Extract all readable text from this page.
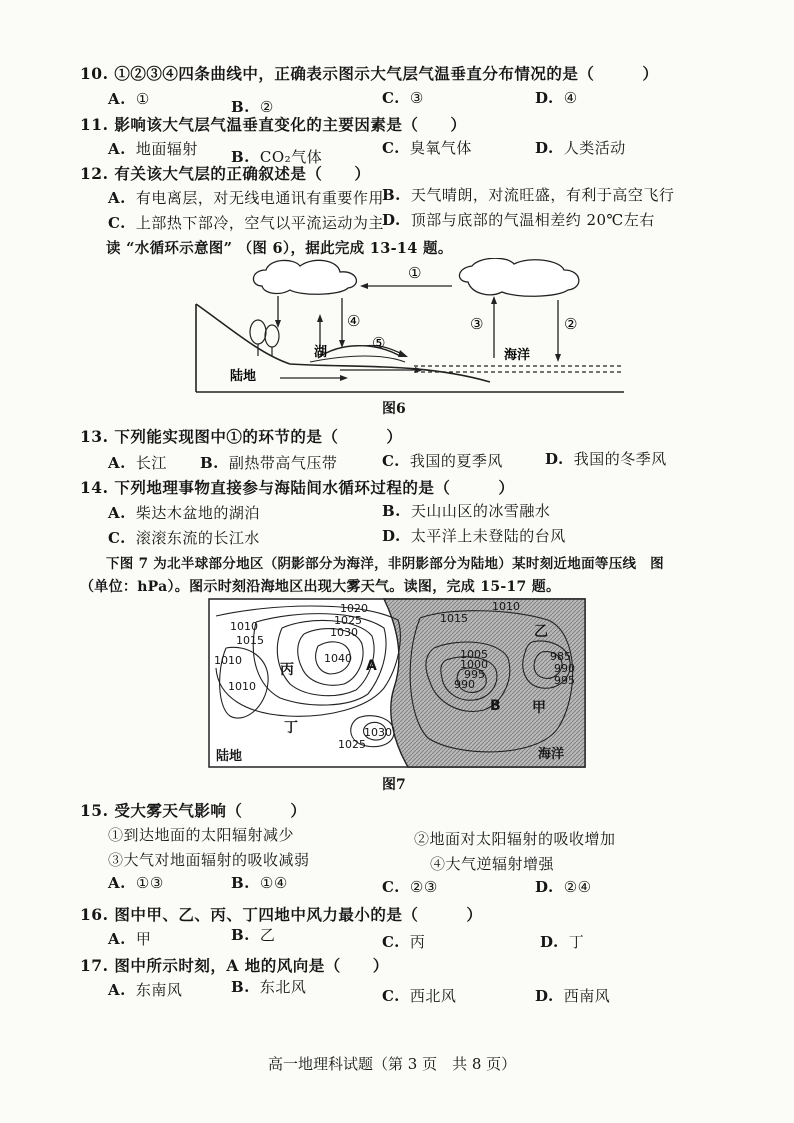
10. ①②③④四条曲线中，正确表示图示大气层气温垂直分布情况的是（　　　）
A. ①	B. ②	C. ③	D. ④
11. 影响该大气层气温垂直变化的主要因素是（　　）
A. 地面辐射 B. CO₂气体	C. 臭氧气体	D. 人类活动
12. 有关该大气层的正确叙述是（　　）
A. 有电离层，对无线电通讯有重要作用
B. 天气晴朗，对流旺盛，有利于高空飞行
C. 上部热下部冷，空气以平流运动为主
D. 顶部与底部的气温相差约 20℃左右
读 “水循环示意图” （图 6），据此完成 13-14 题。
①
②
③
④
⑤
湖	海洋
陆地
图6
13. 下列能实现图中①的环节的是（　　　）
A. 长江 B. 副热带高气压带	C. 我国的夏季风	D. 我国的冬季风
14. 下列地理事物直接参与海陆间水循环过程的是（　　　）
A. 柴达木盆地的湖泊	B. 天山山区的冰雪融水
C. 滚滚东流的长江水	D. 太平洋上未登陆的台风
下图 7 为北半球部分地区（阴影部分为海洋，非阴影部分为陆地）某时刻近地面等压线　图
（单位：hPa）。图示时刻沿海地区出现大雾天气。读图，完成 15-17 题。
1020
1025
1030
1040
1010
1015
1010
1010
1030
1025
1010
1015
1005
1000
995
990
985
990
995
A
B
丙
丁
乙
甲
陆地	海洋
图7
15. 受大雾天气影响（　　　）
①到达地面的太阳辐射减少	②地面对太阳辐射的吸收增加
③大气对地面辐射的吸收减弱	④大气逆辐射增强
A. ①③	B. ①④	C. ②③	D. ②④
16. 图中甲、乙、丙、丁四地中风力最小的是（　　　）
A. 甲	B. 乙	C. 丙	D. 丁
17. 图中所示时刻，A 地的风向是（　　）
A. 东南风	B. 东北风	C. 西北风	D. 西南风
高一地理科试题（第 3 页　共 8 页）
